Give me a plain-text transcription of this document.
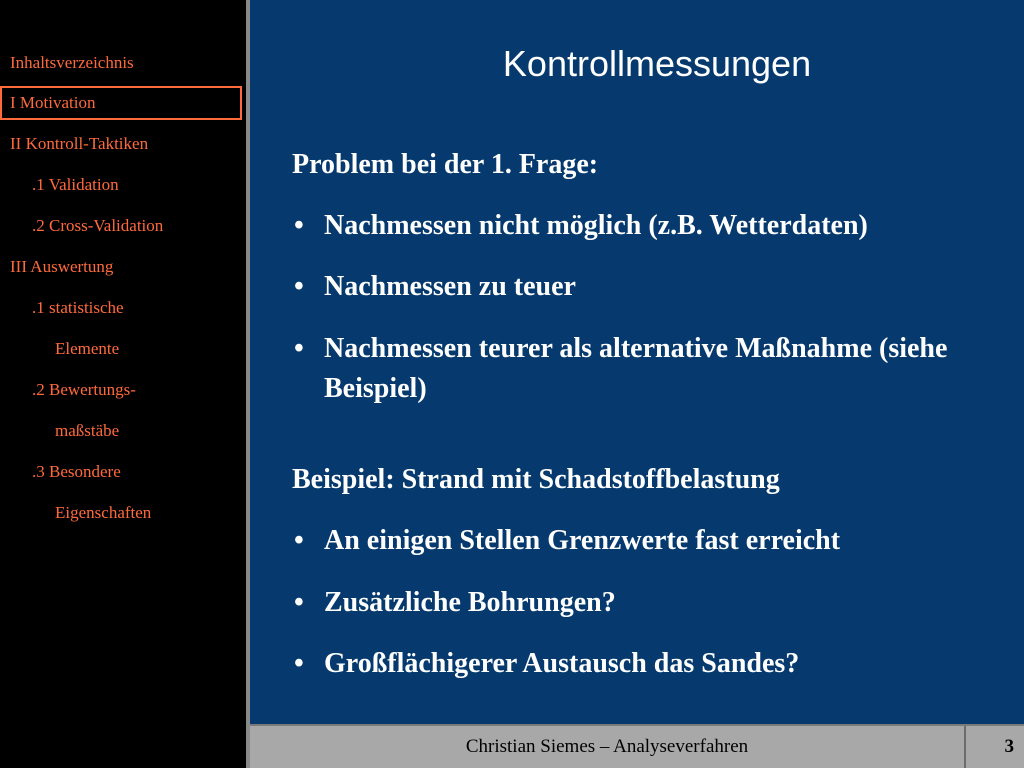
Inhaltsverzeichnis
I Motivation
II Kontroll-Taktiken
.1 Validation
.2 Cross-Validation
III Auswertung
.1 statistische
Elemente
.2 Bewertungs-
maßstäbe
.3 Besondere
Eigenschaften
Kontrollmessungen
Problem bei der 1. Frage:
• Nachmessen nicht möglich (z.B. Wetterdaten)
• Nachmessen zu teuer
• Nachmessen teurer als alternative Maßnahme (siehe Beispiel)
Beispiel: Strand mit Schadstoffbelastung
• An einigen Stellen Grenzwerte fast erreicht
• Zusätzliche Bohrungen?
• Großflächigerer Austausch das Sandes?
Christian Siemes – Analyseverfahren	3
